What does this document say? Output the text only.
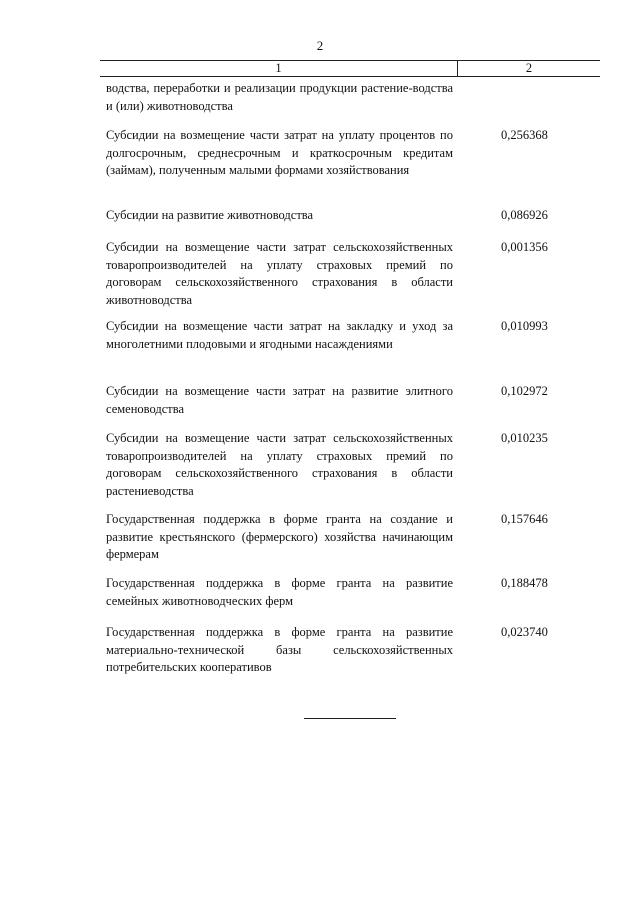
2
1	2
водства, переработки и реализации продукции растение-водства и (или) животноводства
Субсидии на возмещение части затрат на уплату процентов по долгосрочным, среднесрочным и краткосрочным кредитам (займам), полученным малыми формами хозяйствования
0,256368
Субсидии на развитие животноводства	0,086926
Субсидии на возмещение части затрат сельскохозяйственных товаропроизводителей на уплату страховых премий по договорам сельскохозяйственного страхования в области животноводства
0,001356
Субсидии на возмещение части затрат на закладку и уход за многолетними плодовыми и ягодными насаждениями
0,010993
Субсидии на возмещение части затрат на развитие элитного семеноводства
0,102972
Субсидии на возмещение части затрат сельскохозяйственных товаропроизводителей на уплату страховых премий по договорам сельскохозяйственного страхования в области растениеводства
0,010235
Государственная поддержка в форме гранта на создание и развитие крестьянского (фермерского) хозяйства начинающим фермерам
0,157646
Государственная поддержка в форме гранта на развитие семейных животноводческих ферм
0,188478
Государственная поддержка в форме гранта на развитие материально-технической базы сельскохозяйственных потребительских кооперативов
0,023740
